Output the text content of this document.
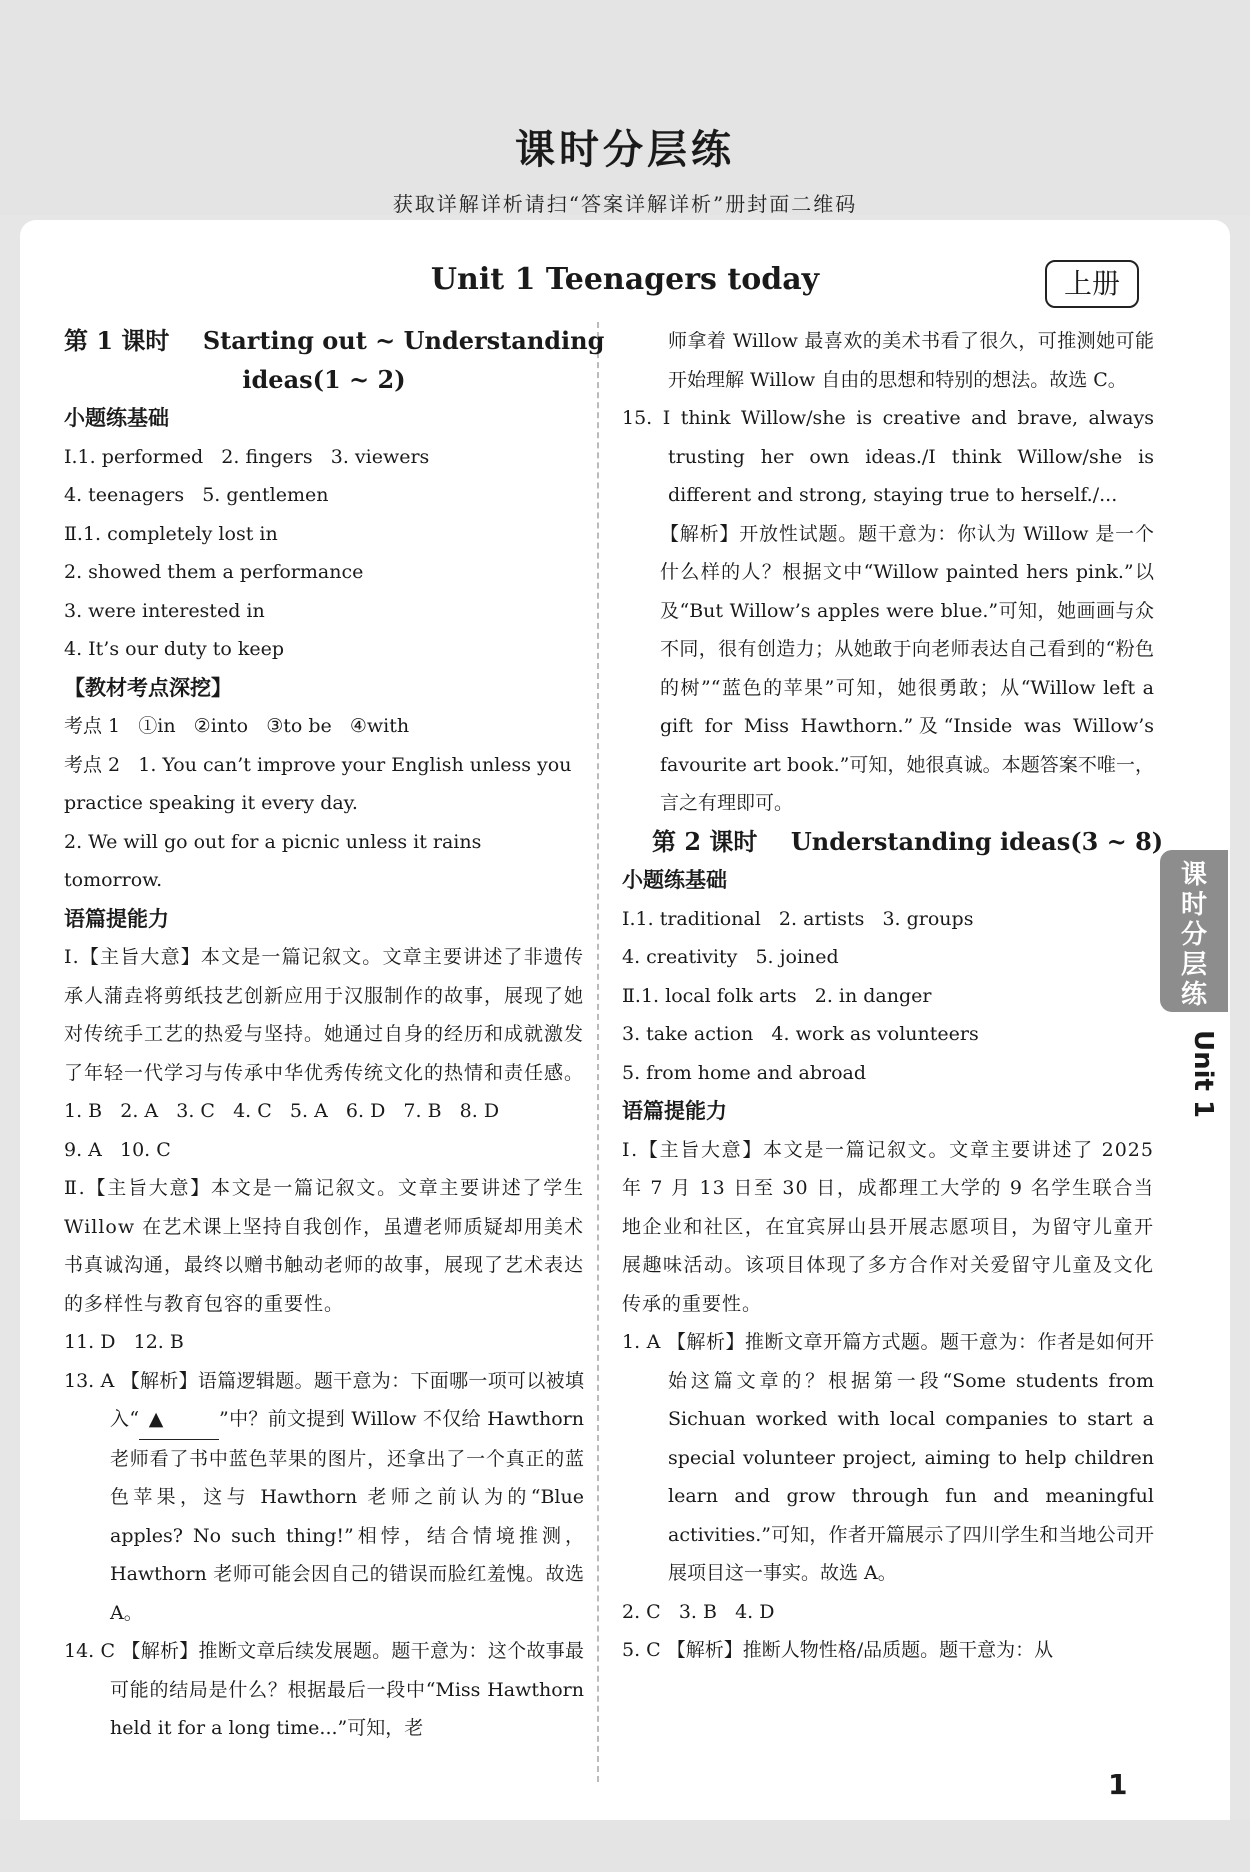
课时分层练
获取详解详析请扫“答案详解详析”册封面二维码
Unit 1 Teenagers today	上册
第 1 课时    Starting out ~ Understanding
ideas(1 ~ 2)
小题练基础
Ⅰ.1. performed   2. fingers   3. viewers
4. teenagers   5. gentlemen
Ⅱ.1. completely lost in
2. showed them a performance
3. were interested in
4. It’s our duty to keep
【教材考点深挖】
考点 1   ①in   ②into   ③to be   ④with
考点 2   1. You can’t improve your English unless you practice speaking it every day.
2. We will go out for a picnic unless it rains tomorrow.
语篇提能力
Ⅰ.【主旨大意】本文是一篇记叙文。文章主要讲述了非遗传承人蒲垚将剪纸技艺创新应用于汉服制作的故事，展现了她对传统手工艺的热爱与坚持。她通过自身的经历和成就激发了年轻一代学习与传承中华优秀传统文化的热情和责任感。
1. B   2. A   3. C   4. C   5. A   6. D   7. B   8. D
9. A   10. C
Ⅱ.【主旨大意】本文是一篇记叙文。文章主要讲述了学生 Willow 在艺术课上坚持自我创作，虽遭老师质疑却用美术书真诚沟通，最终以赠书触动老师的故事，展现了艺术表达的多样性与教育包容的重要性。
11. D   12. B
13. A 【解析】语篇逻辑题。题干意为：下面哪一项可以被填入“ ▲	”中？前文提到 Willow 不仅给 Hawthorn 老师看了书中蓝色苹果的图片，还拿出了一个真正的蓝色苹果，这与 Hawthorn 老师之前认为的“Blue apples? No such thing!”相悖，结合情境推测，Hawthorn 老师可能会因自己的错误而脸红羞愧。故选 A。
14. C 【解析】推断文章后续发展题。题干意为：这个故事最可能的结局是什么？根据最后一段中“Miss Hawthorn held it for a long time...”可知，老
师拿着 Willow 最喜欢的美术书看了很久，可推测她可能开始理解 Willow 自由的思想和特别的想法。故选 C。
15. I think Willow/she is creative and brave, always trusting her own ideas./I think Willow/she is different and strong, staying true to herself./...
【解析】开放性试题。题干意为：你认为 Willow 是一个什么样的人？根据文中“Willow painted hers pink.”以及“But Willow’s apples were blue.”可知，她画画与众不同，很有创造力；从她敢于向老师表达自己看到的“粉色的树”“蓝色的苹果”可知，她很勇敢；从“Willow left a gift for Miss Hawthorn.”及“Inside was Willow’s favourite art book.”可知，她很真诚。本题答案不唯一，言之有理即可。
第 2 课时    Understanding ideas(3 ~ 8)
小题练基础
Ⅰ.1. traditional   2. artists   3. groups
4. creativity   5. joined
Ⅱ.1. local folk arts   2. in danger
3. take action   4. work as volunteers
5. from home and abroad
语篇提能力
Ⅰ.【主旨大意】本文是一篇记叙文。文章主要讲述了 2025 年 7 月 13 日至 30 日，成都理工大学的 9 名学生联合当地企业和社区，在宜宾屏山县开展志愿项目，为留守儿童开展趣味活动。该项目体现了多方合作对关爱留守儿童及文化传承的重要性。
1. A 【解析】推断文章开篇方式题。题干意为：作者是如何开始这篇文章的？根据第一段“Some students from Sichuan worked with local companies to start a special volunteer project, aiming to help children learn and grow through fun and meaningful activities.”可知，作者开篇展示了四川学生和当地公司开展项目这一事实。故选 A。
2. C   3. B   4. D
5. C 【解析】推断人物性格/品质题。题干意为：从
课
时
分
层
练
Unit 1
1
